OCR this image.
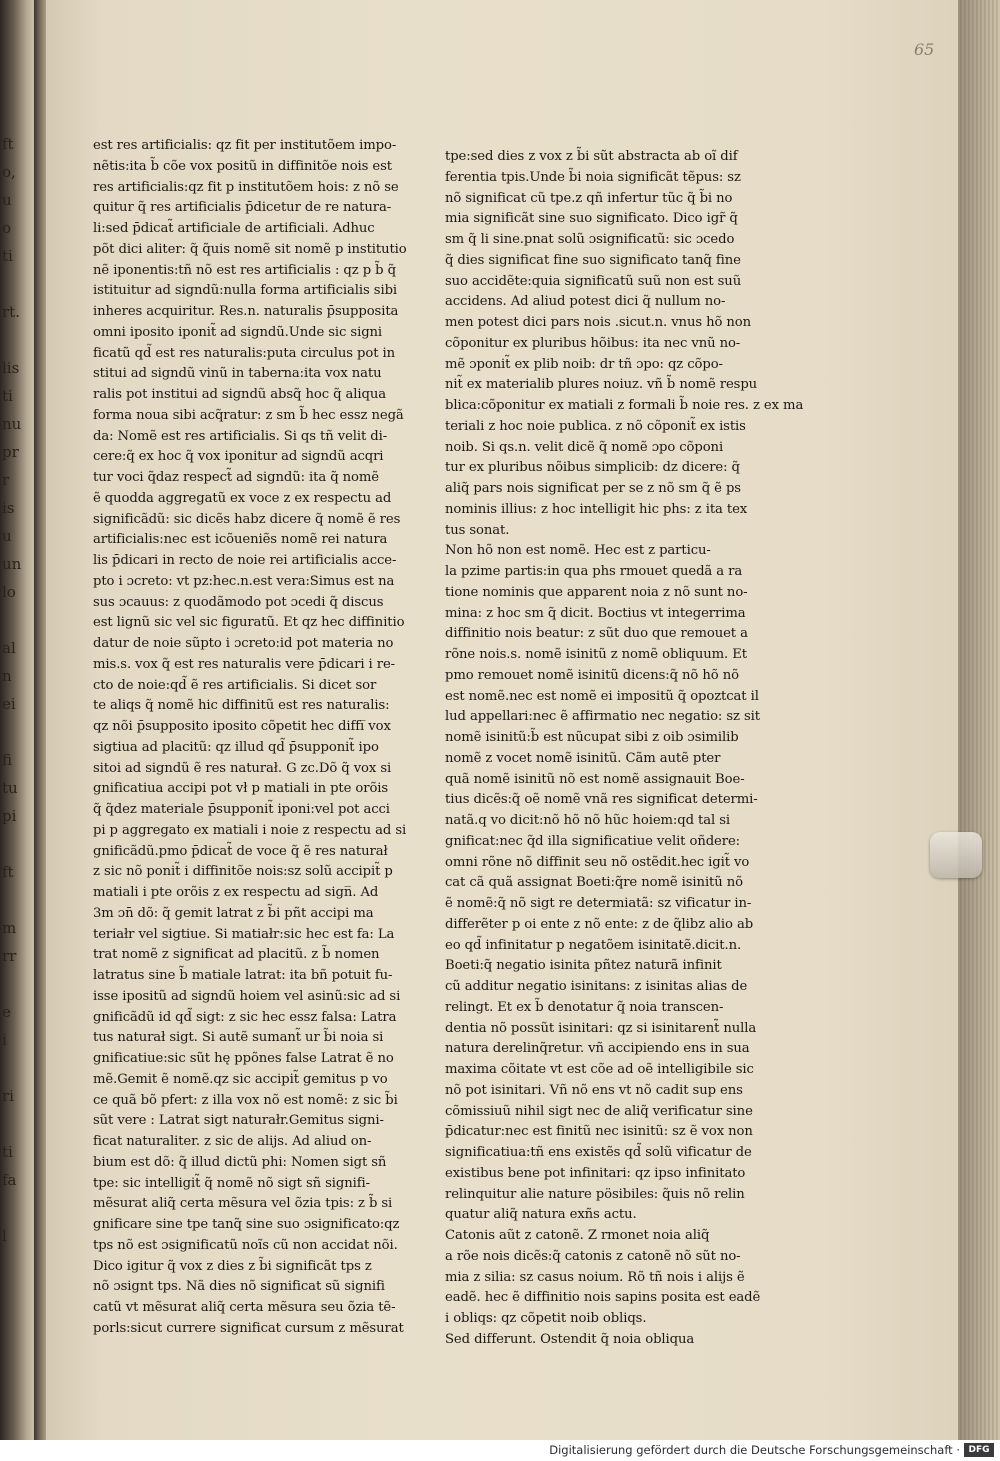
ft
o,
u
o
ti
rt.
lis
ti
nu
pr
r
is
u
un
lo
al
n
ei
fi
tu
pi
ft
m
rr
e
i
ri
ti
fa
l
65
est res artificialis: qz fit per institutõem impo-
nẽtis:ita b̃ cõe vox positũ in diffinitõe nois est
res artificialis:qz fit p institutõem hois: z nõ se
quitur q̃ res artificialis p̄dicetur de re natura-
li:sed p̄dicat̃ artificiale de artificiali. Adhuc
põt dici aliter: q̃ q̃uis nomẽ sit nomẽ p institutio
nẽ iponentis:tñ nõ est res artificialis : qz p b̃ q̃
istituitur ad signdũ:nulla forma artificialis sibi
inheres acquiritur. Res.n. naturalis p̄supposita
omni iposito iponit̃ ad signdũ.Unde sic signi
ficatũ qd̃ est res naturalis:puta circulus pot in
stitui ad signdũ vinũ in taberna:ita vox natu
ralis pot institui ad signdũ absq̃ hoc q̃ aliqua
forma noua sibi acq̃ratur: z sm b̃ hec essz negã
da: Nomẽ est res artificialis. Si qs tñ velit di-
cere:q̃ ex hoc q̃ vox iponitur ad signdũ acqri
tur voci q̃daz respect̃ ad signdũ: ita q̃ nomẽ
ẽ quodda aggregatũ ex voce z ex respectu ad
significãdũ: sic dicẽs habz dicere q̃ nomẽ ẽ res
artificialis:nec est icõueniẽs nomẽ rei natura
lis p̄dicari in recto de noie rei artificialis acce-
pto i ɔcreto: vt pz:hec.n.est vera:Simus est na
sus ɔcauus: z quodãmodo pot ɔcedi q̃ discus
est lignũ sic vel sic figuratũ. Et qz hec diffinitio
datur de noie sũpto i ɔcreto:id pot materia no
mis.s. vox q̃ est res naturalis vere p̄dicari i re-
cto de noie:qd̃ ẽ res artificialis. Si dicet sor
te aliqs q̃ nomẽ hic diffinitũ est res naturalis:
qz nõi p̄supposito iposito cõpetit hec diffi̅ vox
sigtiua ad placitũ: qz illud qd̃ p̄supponit̃ ipo
sitoi ad signdũ ẽ res naturał. G zc.Dõ q̃ vox si
gnificatiua accipi pot vł p matiali in pte orõis
q̃ q̃dez materiale p̄supponit̃ iponi:vel pot acci
pi p aggregato ex matiali i noie z respectu ad si
gnificãdũ.pmo p̄dicat̃ de voce q̃ ẽ res naturał
z sic nõ ponit̃ i diffinitõe nois:sz solũ accipit̃ p
matiali i pte orõis z ex respectu ad sign̅. Ad
3m ɔn̄ dõ: q̃ gemit latrat z b̃i pñt accipi ma
teriałr vel sigtiue. Si matiałr:sic hec est fa: La
trat nomẽ z significat ad placitũ. z b̃ nomen
latratus sine b̃ matiale latrat: ita bñ potuit fu-
isse ipositũ ad signdũ hoiem vel asinũ:sic ad si
gnificãdũ id qd̃ sigt: z sic hec essz falsa: Latra
tus naturał sigt. Si autẽ sumant̃ ur b̃i noia si
gnificatiue:sic sũt hę ppõnes false Latrat ẽ no
mẽ.Gemit ẽ nomẽ.qz sic accipit̃ gemitus p vo
ce quã bõ pfert: z illa vox nõ est nomẽ: z sic b̃i
sũt vere : Latrat sigt naturałr.Gemitus signi-
ficat naturaliter. z sic de alijs. Ad aliud on-
bium est dõ: q̃ illud dictũ phi: Nomen sigt sñ
tpe: sic intelligit̃ q̃ nomẽ nõ sigt sñ signifi-
mẽsurat aliq̃ certa mẽsura vel õzia tpis: z b̃ si
gnificare sine tpe tanq̃ sine suo ɔsignificato:qz
tps nõ est ɔsignificatũ noĩs cũ non accidat nõi.
Dico igitur q̃ vox z dies z b̃i significãt tps z
nõ ɔsignt tps. Nã dies nõ significat sũ signifi
catũ vt mẽsurat aliq̃ certa mẽsura seu õzia tẽ-
porls:sicut currere significat cursum z mẽsurat
tpe:sed dies z vox z b̃i sũt abstracta ab oĩ dif
ferentia tpis.Unde b̃i noia significãt tẽpus: sz
nõ significat cũ tpe.z qñ infertur tũc q̃ b̃i no
mia significãt sine suo significato. Dico igr̃ q̃
sm q̃ li sine.pnat solũ ɔsignificatũ: sic ɔcedo
q̃ dies significat fine suo significato tanq̃ fine
suo accidẽte:quia significatũ suũ non est suũ
accidens. Ad aliud potest dici q̃ nullum no-
men potest dici pars nois .sicut.n. vnus hõ non
cõponitur ex pluribus hõibus: ita nec vnũ no-
mẽ ɔponit̃ ex plib noib: dr tñ ɔpo: qz cõpo-
nit̃ ex materialib plures noiuz. vñ b̃ nomẽ respu
blica:cõponitur ex matiali z formali b̃ noie res. z ex ma
teriali z hoc noie publica. z nõ cõponit̃ ex istis
noib. Si qs.n. velit dicẽ q̃ nomẽ ɔpo cõponi
tur ex pluribus nõibus simplicib: dz dicere: q̃
aliq̃ pars nois significat per se z nõ sm q̃ ẽ ps
nominis illius: z hoc intelligit hic phs: z ita tex
tus sonat.
Non hõ non est nomẽ. Hec est z particu-
la pzime partis:in qua phs rmouet quedã a ra
tione nominis que apparent noia z nõ sunt no-
mina: z hoc sm q̃ dicit. Boctius vt integerrima
diffinitio nois beatur: z sũt duo que remouet a
rõne nois.s. nomẽ isinitũ z nomẽ obliquum. Et
pmo remouet nomẽ isinitũ dicens:q̃ nõ hõ nõ
est nomẽ.nec est nomẽ ei impositũ q̃ opoztcat il
lud appellari:nec ẽ affirmatio nec negatio: sz sit
nomẽ isinitũ:b̃ est nũcupat sibi z oib ɔsimilib
nomẽ z vocet nomẽ isinitũ. Cãm autẽ pter
quã nomẽ isinitũ nõ est nomẽ assignauit Boe-
tius dicẽs:q̃ oẽ nomẽ vnã res significat determi-
natã.q vo dicit:nõ hõ nõ hũc hoiem:qd tal si
gnificat:nec q̃d illa significatiue velit oñdere:
omni rõne nõ diffinit seu nõ ostẽdit.hec igit̃ vo
cat cã quã assignat Boeti:q̃re nomẽ isinitũ nõ
ẽ nomẽ:q̃ nõ sigt re determiatã: sz vificatur in-
differẽter p oi ente z nõ ente: z de q̃libz alio ab
eo qd̃ infinitatur p negatõem isinitatẽ.dicit.n.
Boeti:q̃ negatio isinita pñtez naturã infinit
cũ additur negatio isinitans: z isinitas alias de
relingt. Et ex b̃ denotatur q̃ noia transcen-
dentia nõ possũt isinitari: qz si isinitarent̃ nulla
natura derelinq̃retur. vñ accipiendo ens in sua
maxima cõitate vt est cõe ad oẽ intelligibile sic
nõ pot isinitari. Vñ nõ ens vt nõ cadit sup ens
cõmissiuũ nihil sigt nec de aliq̃ verificatur sine
p̄dicatur:nec est finitũ nec isinitũ: sz ẽ vox non
significatiua:tñ ens existẽs qd̃ solũ vificatur de
existibus bene pot infinitari: qz ipso infinitato
relinquitur alie nature pösibiles: q̃uis nõ relin
quatur aliq̃ natura exñs actu.
Catonis aũt z catonẽ. Z rmonet noia aliq̃
a rõe nois dicẽs:q̃ catonis z catonẽ nõ sũt no-
mia z silia: sz casus noium. Rõ tñ nois i alijs ẽ
eadẽ. hec ẽ diffinitio nois sapins posita est eadẽ
i obliqs: qz cõpetit noib obliqs.
Sed differunt. Ostendit q̃ noia obliqua
Digitalisierung gefördert durch die Deutsche Forschungsgemeinschaft · DFG
